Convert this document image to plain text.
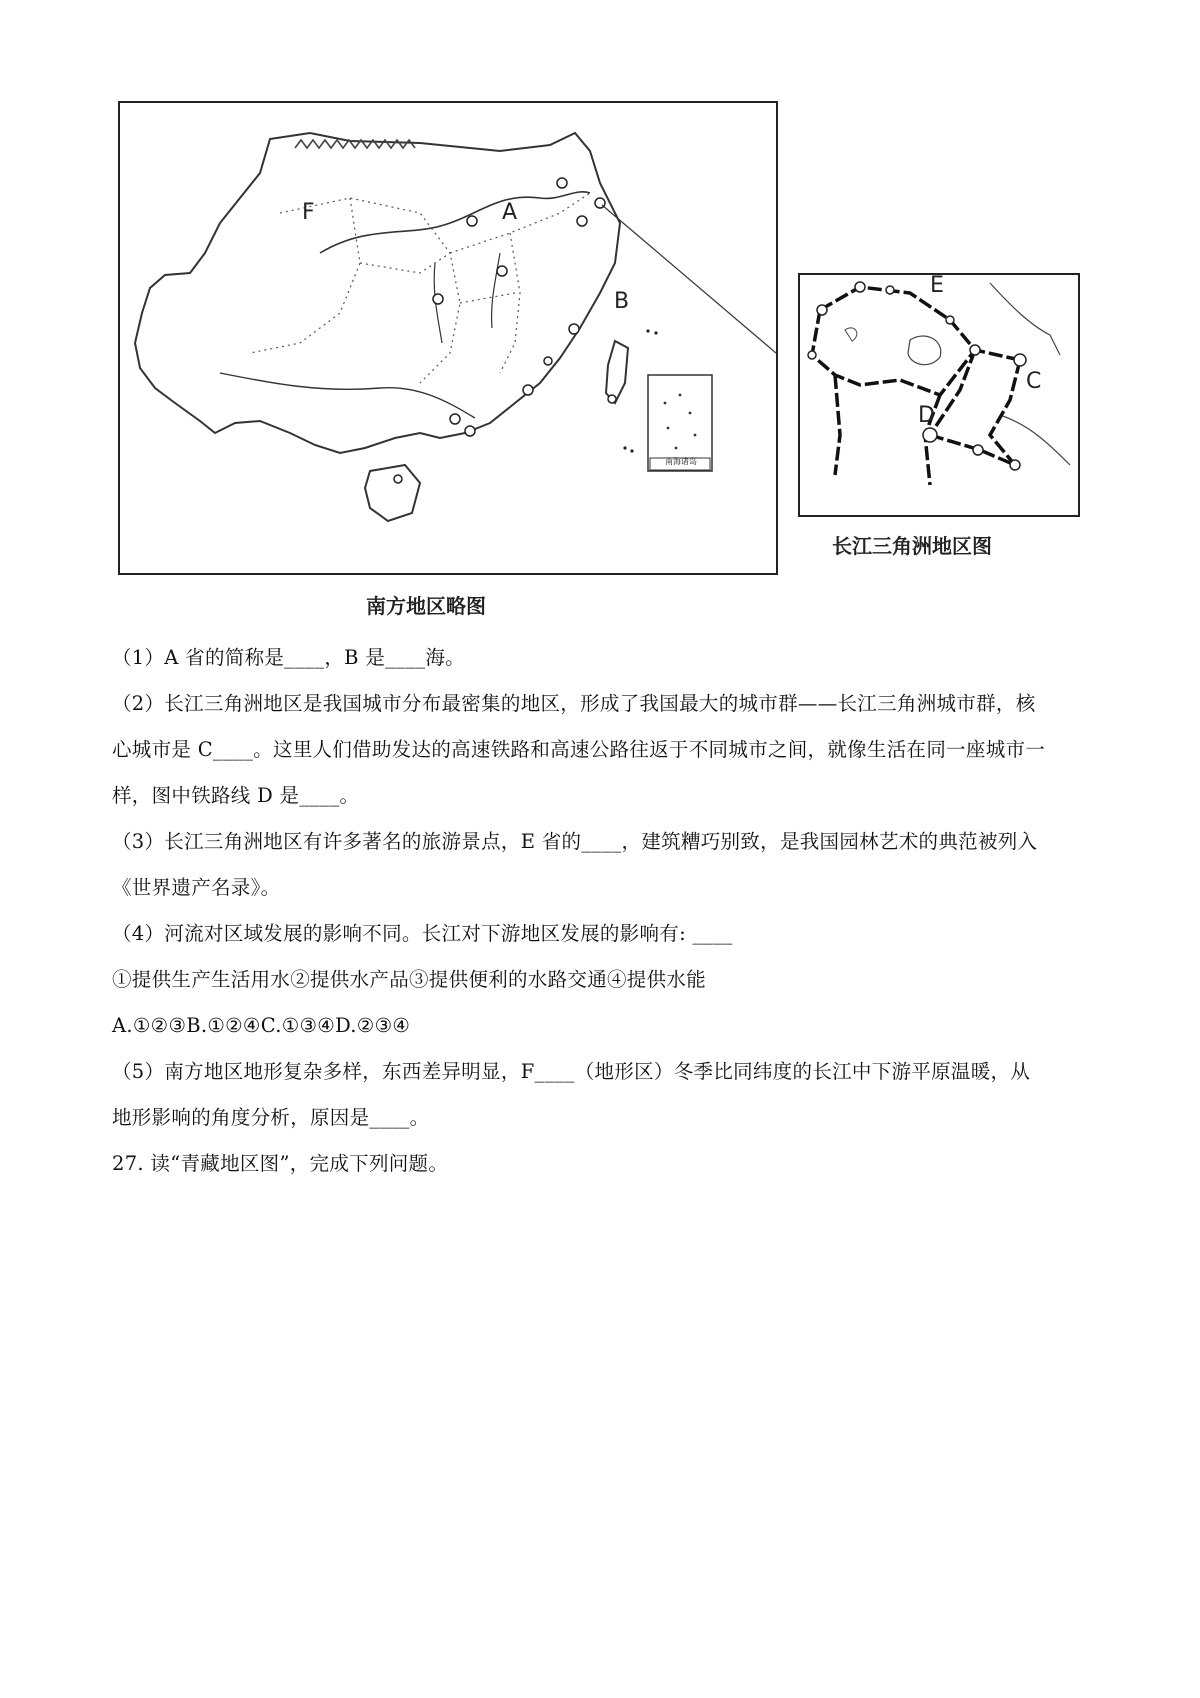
F	A
B
南海诸岛
南方地区略图
E
C
D
长江三角洲地区图

（1）A 省的简称是____，B 是____海。

（2）长江三角洲地区是我国城市分布最密集的地区，形成了我国最大的城市群——长江三角洲城市群，核

心城市是 C____。这里人们借助发达的高速铁路和高速公路往返于不同城市之间，就像生活在同一座城市一

样，图中铁路线 D 是____。

（3）长江三角洲地区有许多著名的旅游景点，E 省的____，建筑糟巧别致，是我国园林艺术的典范被列入

《世界遗产名录》。

（4）河流对区域发展的影响不同。长江对下游地区发展的影响有: ____

①提供生产生活用水②提供水产品③提供便利的水路交通④提供水能

A.①②③B.①②④C.①③④D.②③④

（5）南方地区地形复杂多样，东西差异明显，F____（地形区）冬季比同纬度的长江中下游平原温暖，从

地形影响的角度分析，原因是____。

27. 读“青藏地区图”，完成下列问题。
